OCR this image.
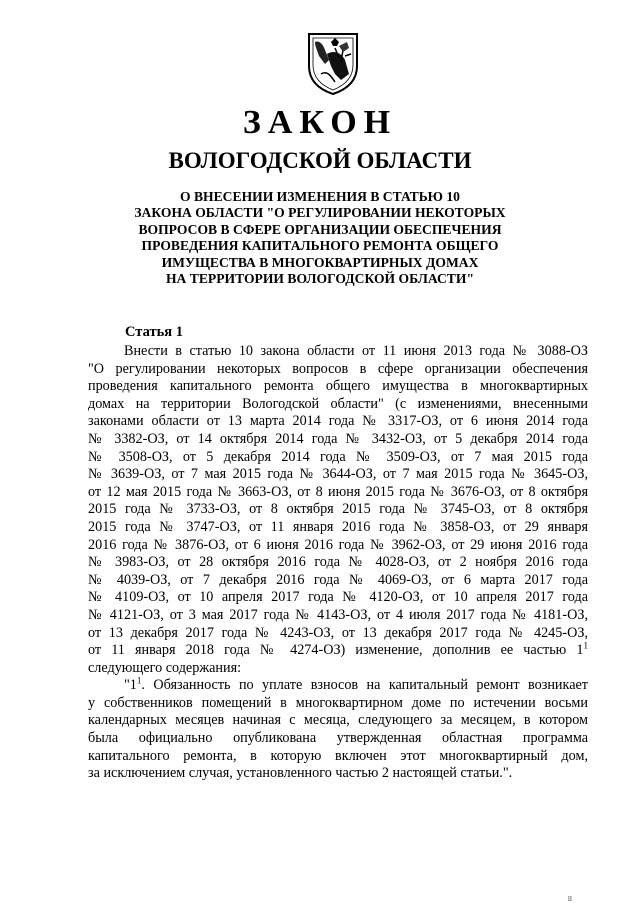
ЗАКОН
ВОЛОГОДСКОЙ ОБЛАСТИ
О ВНЕСЕНИИ ИЗМЕНЕНИЯ В СТАТЬЮ 10
ЗАКОНА ОБЛАСТИ "О РЕГУЛИРОВАНИИ НЕКОТОРЫХ
ВОПРОСОВ В СФЕРЕ ОРГАНИЗАЦИИ ОБЕСПЕЧЕНИЯ
ПРОВЕДЕНИЯ КАПИТАЛЬНОГО РЕМОНТА ОБЩЕГО
ИМУЩЕСТВА В МНОГОКВАРТИРНЫХ ДОМАХ
НА ТЕРРИТОРИИ ВОЛОГОДСКОЙ ОБЛАСТИ"
Статья 1
Внести в статью 10 закона области от 11 июня 2013 года № 3088-ОЗ
"О регулировании некоторых вопросов в сфере организации обеспечения
проведения капитального ремонта общего имущества в многоквартирных
домах на территории Вологодской области" (с изменениями, внесенными
законами области от 13 марта 2014 года № 3317-ОЗ, от 6 июня 2014 года
№ 3382-ОЗ, от 14 октября 2014 года № 3432-ОЗ, от 5 декабря 2014 года
№ 3508-ОЗ, от 5 декабря 2014 года № 3509-ОЗ, от 7 мая 2015 года
№ 3639-ОЗ, от 7 мая 2015 года № 3644-ОЗ, от 7 мая 2015 года № 3645-ОЗ,
от 12 мая 2015 года № 3663-ОЗ, от 8 июня 2015 года № 3676-ОЗ, от 8 октября
2015 года № 3733-ОЗ, от 8 октября 2015 года № 3745-ОЗ, от 8 октября
2015 года № 3747-ОЗ, от 11 января 2016 года № 3858-ОЗ, от 29 января
2016 года № 3876-ОЗ, от 6 июня 2016 года № 3962-ОЗ, от 29 июня 2016 года
№ 3983-ОЗ, от 28 октября 2016 года № 4028-ОЗ, от 2 ноября 2016 года
№ 4039-ОЗ, от 7 декабря 2016 года № 4069-ОЗ, от 6 марта 2017 года
№ 4109-ОЗ, от 10 апреля 2017 года № 4120-ОЗ, от 10 апреля 2017 года
№ 4121-ОЗ, от 3 мая 2017 года № 4143-ОЗ, от 4 июля 2017 года № 4181-ОЗ,
от 13 декабря 2017 года № 4243-ОЗ, от 13 декабря 2017 года № 4245-ОЗ,
от 11 января 2018 года № 4274-ОЗ) изменение, дополнив ее частью $1^1$
следующего содержания:
"$1^1$. Обязанность по уплате взносов на капитальный ремонт возникает
у собственников помещений в многоквартирном доме по истечении восьми
календарных месяцев начиная с месяца, следующего за месяцем, в котором
была официально опубликована утвержденная областная программа
капитального ремонта, в которую включен этот многоквартирный дом,
за исключением случая, установленного частью 2 настоящей статьи.".
ll
